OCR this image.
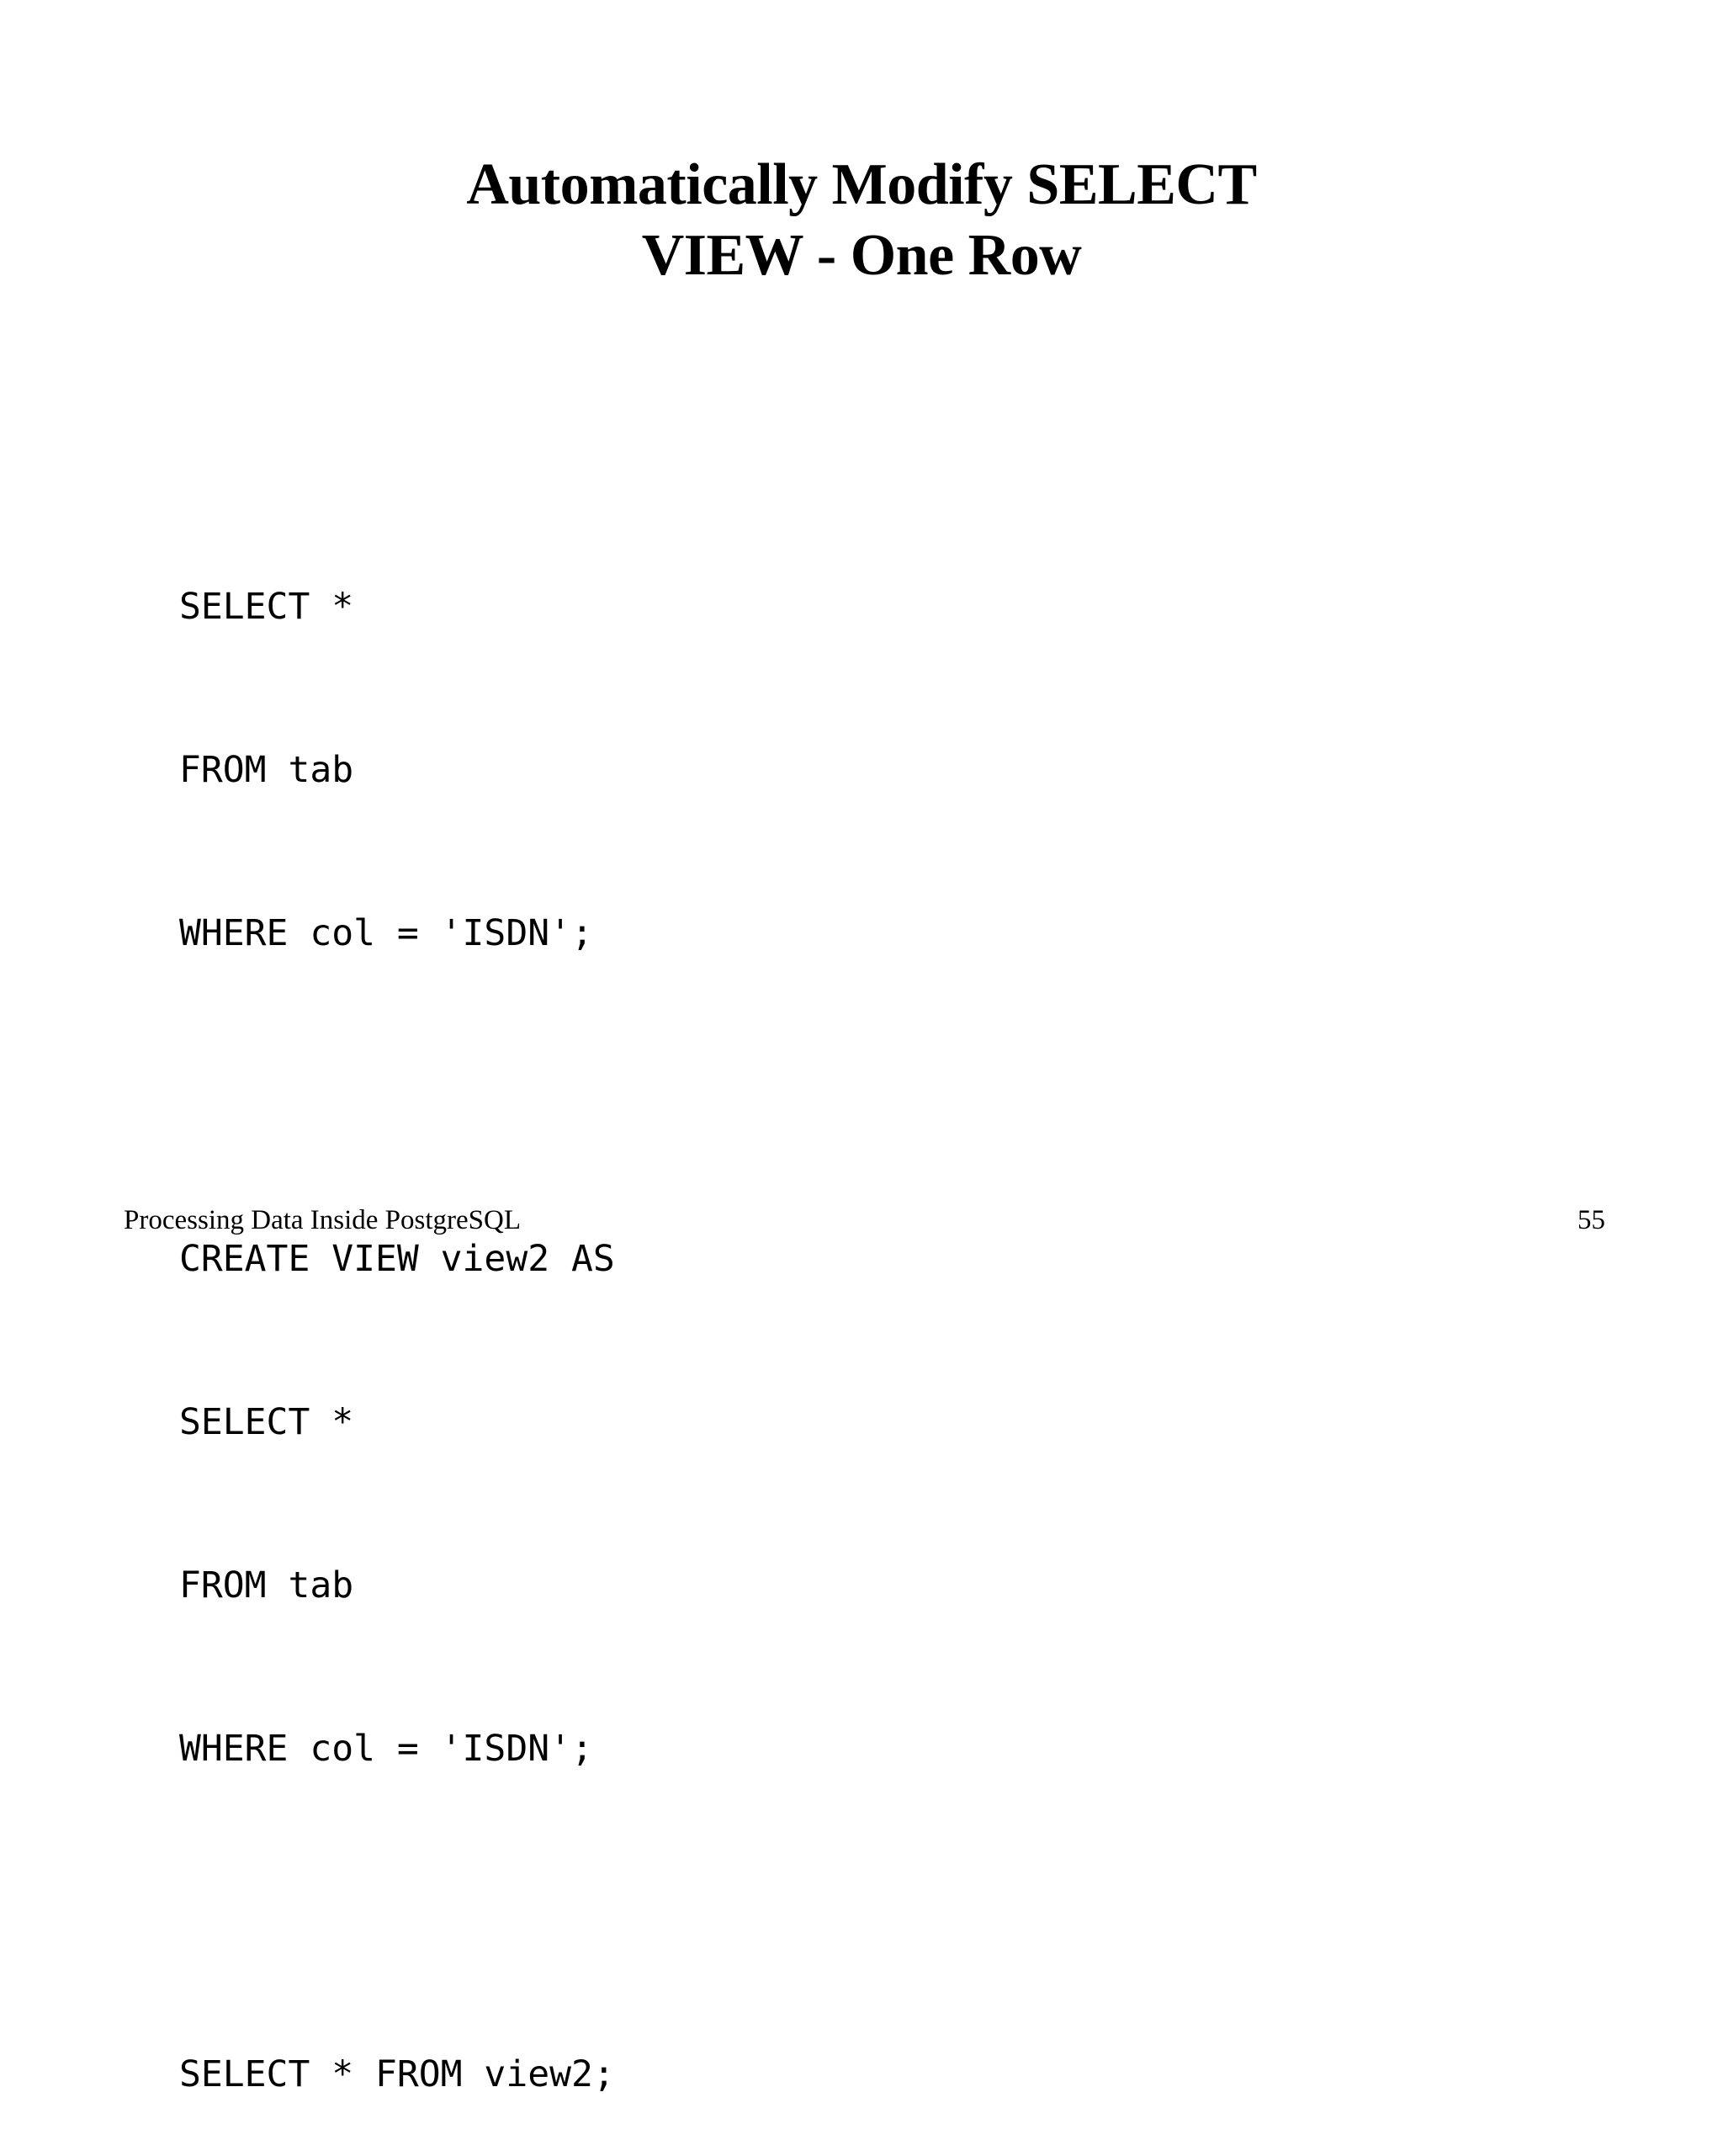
Automatically Modify SELECT
VIEW - One Row

SELECT *

FROM tab

WHERE col = 'ISDN';

CREATE VIEW view2 AS

SELECT *

FROM tab

WHERE col = 'ISDN';

SELECT * FROM view2;

Processing Data Inside PostgreSQL	55
